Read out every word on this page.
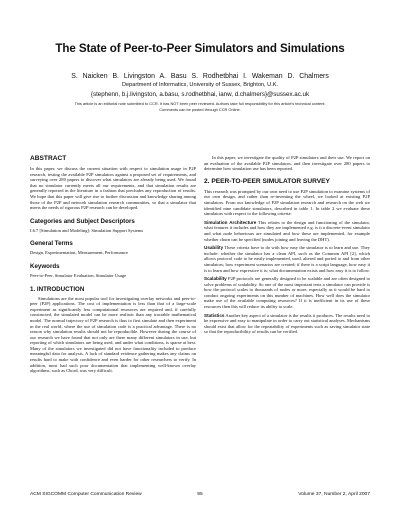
The State of Peer-to-Peer Simulators and Simulations
S. Naicken B. Livingston A. Basu S. Rodhetbhai I. Wakeman D. Chalmers
Department of Informatics, University of Sussex, Brighton, U.K.
{stephenn, b.j.livingston, a.basu, s.rodhetbhai, ianw, d.chalmers}@sussex.ac.uk
This article is an editorial note submitted to CCR. It has NOT been peer reviewed. Authors take full responsibility for this article's technical content.
Comments can be posted through CCR Online.
ABSTRACT

In this paper, we discuss the current situation with respect to simulation usage in P2P research, testing the available P2P simulators against a proposed set of requirements, and surveying over 280 papers to discover what simulators are already being used. We found that no simulator currently meets all our requirements, and that simulation results are generally reported in the literature in a fashion that precludes any reproduction of results. We hope that this paper will give rise to further discussion and knowledge sharing among those of the P2P and network simulation research communities, so that a simulator that meets the needs of rigorous P2P research can be developed.

Categories and Subject Descriptors

I.6.7 [Simulation and Modeling]: Simulation Support Systems

General Terms

Design, Experimentation, Measurement, Performance

Keywords

Peer-to-Peer, Simulator Evaluation, Simulator Usage

1. INTRODUCTION

Simulations are the most popular tool for investigating overlay networks and peer-to-peer (P2P) applications. The cost of implementation is less than that of a large-scale experiment as significantly less computational resources are required and, if carefully constructed, the simulated model can be more realistic than any tractable mathematical model. The normal trajectory of P2P research is thus to first simulate and then experiment in the real world, where the use of simulation code is a practical advantage. There is no reason why simulation results should not be reproducible. However during the course of our research we have found that not only are there many different simulators in use, but reporting of which simulators are being used, and under what conditions, is sparse at best. Many of the simulators we investigated did not have functionality included to produce meaningful data for analysis. A lack of standard evidence gathering makes any claims on results hard to make with confidence and even harder for other researchers to verify. In addition, most had such poor documentation that implementing well-known overlay algorithms, such as Chord, was very difficult.

In this paper, we investigate the quality of P2P simulators and their use. We report on an evaluation of the available P2P simulators, and then investigate over 280 papers to determine how simulation use has been reported.

2. PEER-TO-PEER SIMULATOR SURVEY

This research was prompted by our own need to use P2P simulation to examine systems of our own design, and rather than re-inventing the wheel, we looked at existing P2P simulators. From our knowledge of P2P simulation research and research on the web we identified nine candidate simulators, described in table 1. In table 2 we evaluate these simulators with respect to the following criteria:

Simulation Architecture This relates to the design and functioning of the simulator, what features it includes and how they are implemented e.g. is it a discrete-event simulator and what node behaviours are simulated and how these are implemented, for example whether churn can be specified (nodes joining and leaving the DHT).
Usability These criteria have to do with how easy the simulator is to learn and use. They include: whether the simulator has a clean API, such as the Common API [2], which allows protocol code to be easily implemented, used, altered and ported to and from other simulators; how experiment scenarios are created; if there is a script language, how easy it is to learn and how expressive it is; what documentation exists and how easy it is to follow.
Scalability P2P protocols are generally designed to be scalable and are often designed to solve problems of scalability. So one of the most important tests a simulator can provide is how the protocol scales to thousands of nodes or more, especially as it would be hard to conduct ongoing experiments on this number of machines. How well does the simulator make use of the available computing resources? If it is inefficient in its use of these resources then this will reduce its ability to scale.
Statistics Another key aspect of a simulator is the results it produces. The results need to be expressive and easy to manipulate in order to carry out statistical analyses. Mechanisms should exist that allow for the repeatability of experiments such as saving simulator state so that the reproducibility of results can be verified.
ACM SIGCOMM Computer Communication Review	95	Volume 37, Number 2, April 2007
